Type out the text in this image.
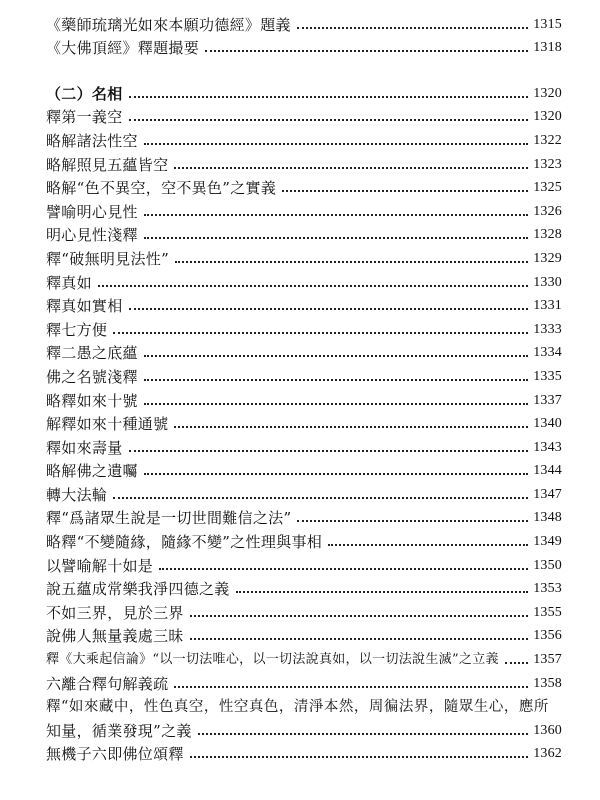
《藥師琉璃光如來本願功德經》題義	1315
《大佛頂經》釋題撮要	1318
（二）名相	1320
釋第一義空	1320
略解諸法性空	1322
略解照見五蘊皆空	1323
略解“色不異空，空不異色”之實義	1325
譬喻明心見性	1326
明心見性淺釋	1328
釋“破無明見法性”	1329
釋真如	1330
釋真如實相	1331
釋七方便	1333
釋二愚之底蘊	1334
佛之名號淺釋	1335
略釋如來十號	1337
解釋如來十種通號	1340
釋如來壽量	1343
略解佛之遺囑	1344
轉大法輪	1347
釋“爲諸眾生說是一切世間難信之法”	1348
略釋“不變隨緣，隨緣不變”之性理與事相	1349
以譬喻解十如是	1350
說五蘊成常樂我淨四德之義	1353
不如三界，見於三界	1355
說佛人無量義處三昧	1356
釋《大乘起信論》“以一切法唯心，以一切法說真如，以一切法說生滅”之立義 1357
六離合釋句解義疏	1358
釋“如來藏中，性色真空，性空真色，清淨本然，周徧法界，隨眾生心，應所
知量，循業發現”之義	1360
無機子六即佛位頌釋	1362
